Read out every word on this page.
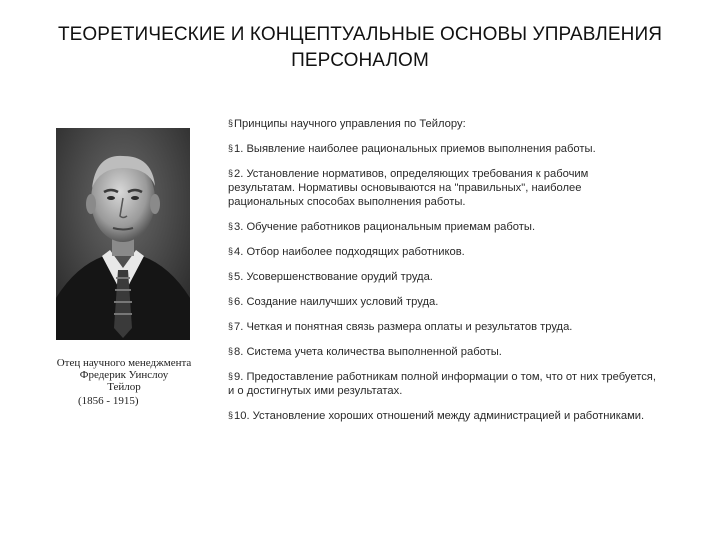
ТЕОРЕТИЧЕСКИЕ И КОНЦЕПТУАЛЬНЫЕ ОСНОВЫ УПРАВЛЕНИЯ
ПЕРСОНАЛОМ
Отец научного менеджмента
Фредерик Уинслоу
Тейлор
(1856 - 1915)

§ Принципы научного управления по Тейлору:

§ 1. Выявление наиболее рациональных приемов выполнения работы.

§ 2. Установление нормативов, определяющих требования к рабочим результатам. Нормативы основываются на "правильных", наиболее рациональных способах выполнения работы.

§ 3. Обучение работников рациональным приемам работы.

§ 4. Отбор наиболее подходящих работников.

§ 5. Усовершенствование орудий труда.

§ 6. Создание наилучших условий труда.

§ 7. Четкая и понятная связь размера оплаты и результатов труда.

§ 8. Система учета количества выполненной работы.

§ 9. Предоставление работникам полной информации о том, что от них требуется, и о достигнутых ими результатах.

§ 10. Установление хороших отношений между администрацией и работниками.
